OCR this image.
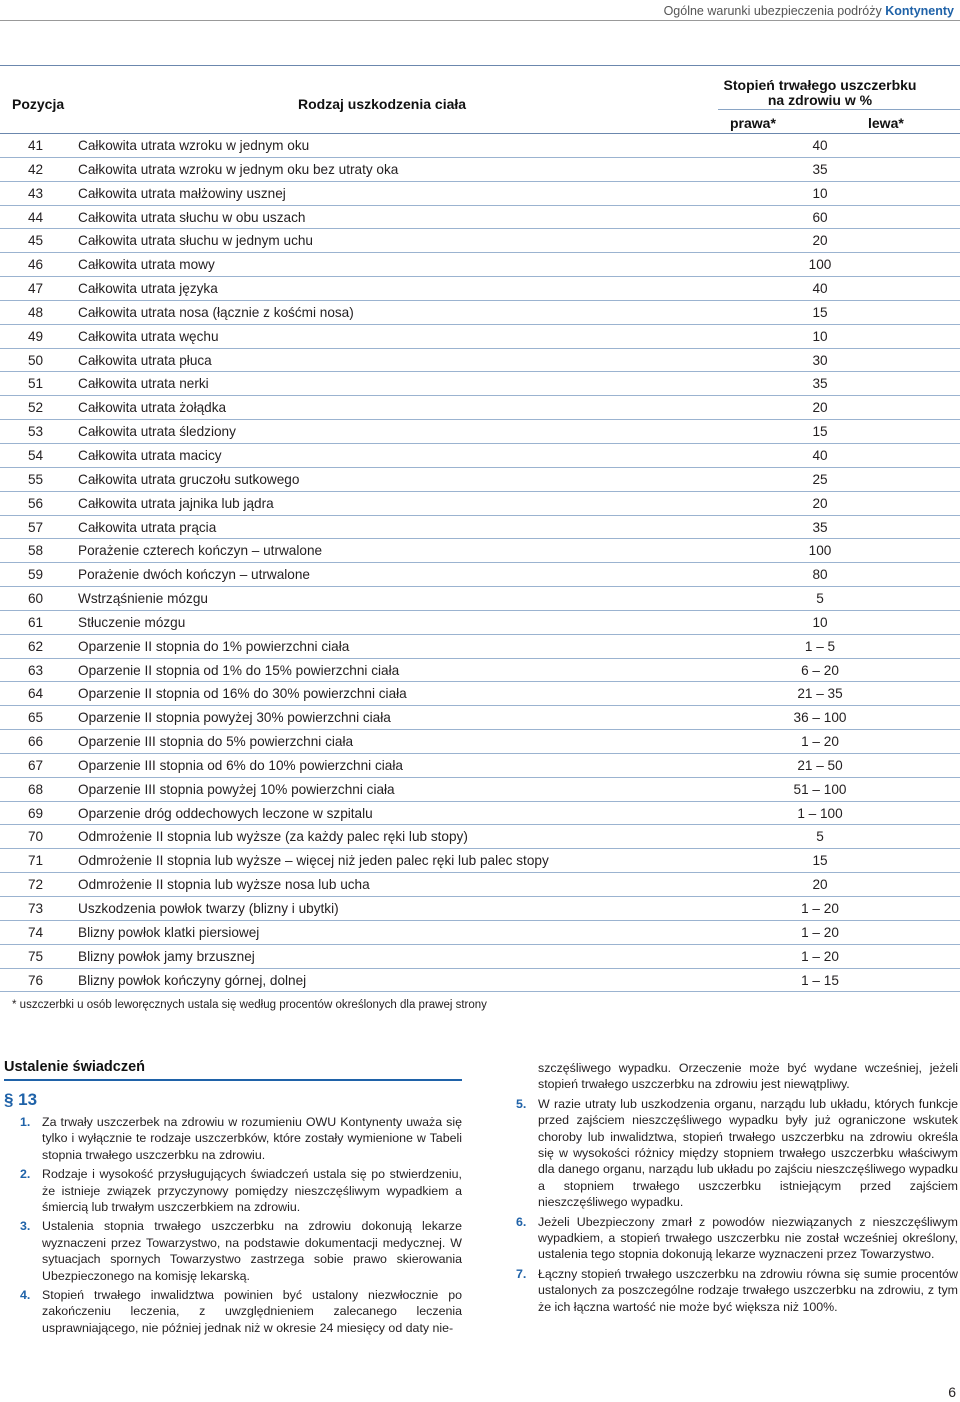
Ogólne warunki ubezpieczenia podróży Kontynenty
Pozycja	Rodzaj uszkodzenia ciała
Stopień trwałego uszczerbku
na zdrowiu w %
prawa*	lewa*
41	Całkowita utrata wzroku w jednym oku	40
42	Całkowita utrata wzroku w jednym oku bez utraty oka	35
43	Całkowita utrata małżowiny usznej	10
44	Całkowita utrata słuchu w obu uszach	60
45	Całkowita utrata słuchu w jednym uchu	20
46	Całkowita utrata mowy	100
47	Całkowita utrata języka	40
48	Całkowita utrata nosa (łącznie z kośćmi nosa)	15
49	Całkowita utrata węchu	10
50	Całkowita utrata płuca	30
51	Całkowita utrata nerki	35
52	Całkowita utrata żołądka	20
53	Całkowita utrata śledziony	15
54	Całkowita utrata macicy	40
55	Całkowita utrata gruczołu sutkowego	25
56	Całkowita utrata jajnika lub jądra	20
57	Całkowita utrata prącia	35
58	Porażenie czterech kończyn – utrwalone	100
59	Porażenie dwóch kończyn – utrwalone	80
60	Wstrząśnienie mózgu	5
61	Stłuczenie mózgu	10
62	Oparzenie II stopnia do 1% powierzchni ciała	1 – 5
63	Oparzenie II stopnia od 1% do 15% powierzchni ciała	6 – 20
64	Oparzenie II stopnia od 16% do 30% powierzchni ciała	21 – 35
65	Oparzenie II stopnia powyżej 30% powierzchni ciała	36 – 100
66	Oparzenie III stopnia do 5% powierzchni ciała	1 – 20
67	Oparzenie III stopnia od 6% do 10% powierzchni ciała	21 – 50
68	Oparzenie III stopnia powyżej 10% powierzchni ciała	51 – 100
69	Oparzenie dróg oddechowych leczone w szpitalu	1 – 100
70	Odmrożenie II stopnia lub wyższe (za każdy palec ręki lub stopy)	5
71	Odmrożenie II stopnia lub wyższe – więcej niż jeden palec ręki lub palec stopy	15
72	Odmrożenie II stopnia lub wyższe nosa lub ucha	20
73	Uszkodzenia powłok twarzy (blizny i ubytki)	1 – 20
74	Blizny powłok klatki piersiowej	1 – 20
75	Blizny powłok jamy brzusznej	1 – 20
76	Blizny powłok kończyny górnej, dolnej	1 – 15
* uszczerbki u osób leworęcznych ustala się według procentów określonych dla prawej strony
Ustalenie świadczeń
§ 13
1. Za trwały uszczerbek na zdrowiu w rozumieniu OWU Kontynenty uważa się tylko i wyłącznie te rodzaje uszczerbków, które zostały wymienione w Tabeli stopnia trwałego uszczerbku na zdrowiu.
2. Rodzaje i wysokość przysługujących świadczeń ustala się po stwierdzeniu, że istnieje związek przyczynowy pomiędzy nieszczęśliwym wypadkiem a śmiercią lub trwałym uszczerbkiem na zdrowiu.
3. Ustalenia stopnia trwałego uszczerbku na zdrowiu dokonują lekarze wyznaczeni przez Towarzystwo, na podstawie dokumentacji medycznej. W sytuacjach spornych Towarzystwo zastrzega sobie prawo skierowania Ubezpieczonego na komisję lekarską.
4. Stopień trwałego inwalidztwa powinien być ustalony niezwłocznie po zakończeniu leczenia, z uwzględnieniem zalecanego leczenia usprawniającego, nie później jednak niż w okresie 24 miesięcy od daty nie-
szczęśliwego wypadku. Orzeczenie może być wydane wcześniej, jeżeli stopień trwałego uszczerbku na zdrowiu jest niewątpliwy.
5. W razie utraty lub uszkodzenia organu, narządu lub układu, których funkcje przed zajściem nieszczęśliwego wypadku były już ograniczone wskutek choroby lub inwalidztwa, stopień trwałego uszczerbku na zdrowiu określa się w wysokości różnicy między stopniem trwałego uszczerbku właściwym dla danego organu, narządu lub układu po zajściu nieszczęśliwego wypadku a stopniem trwałego uszczerbku istniejącym przed zajściem nieszczęśliwego wypadku.
6. Jeżeli Ubezpieczony zmarł z powodów niezwiązanych z nieszczęśliwym wypadkiem, a stopień trwałego uszczerbku nie został wcześniej określony, ustalenia tego stopnia dokonują lekarze wyznaczeni przez Towarzystwo.
7. Łączny stopień trwałego uszczerbku na zdrowiu równa się sumie procentów ustalonych za poszczególne rodzaje trwałego uszczerbku na zdrowiu, z tym że ich łączna wartość nie może być większa niż 100%.
6
